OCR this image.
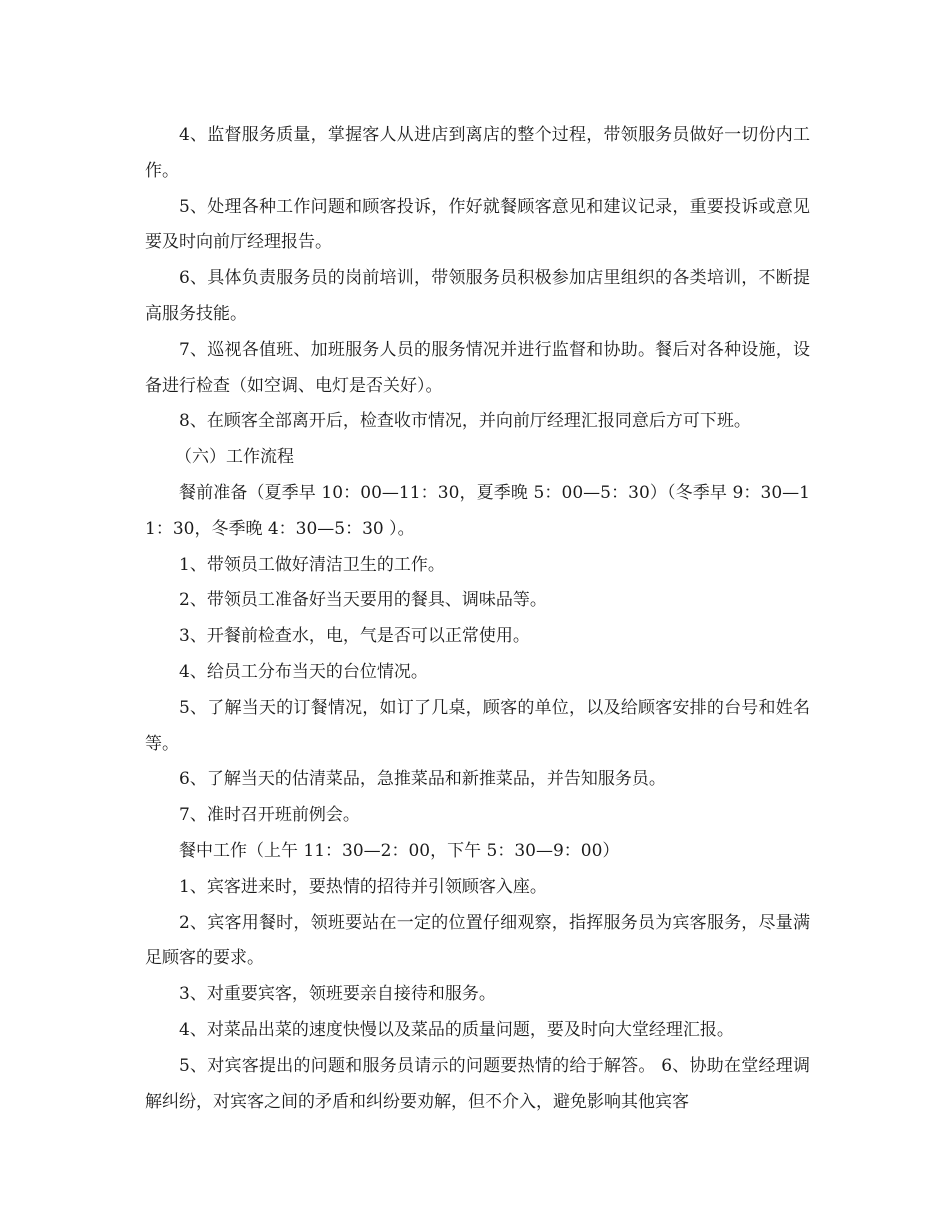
4、监督服务质量，掌握客人从进店到离店的整个过程，带领服务员做好一切份内工作。

5、处理各种工作问题和顾客投诉，作好就餐顾客意见和建议记录，重要投诉或意见要及时向前厅经理报告。

6、具体负责服务员的岗前培训，带领服务员积极参加店里组织的各类培训，不断提高服务技能。

7、巡视各值班、加班服务人员的服务情况并进行监督和协助。餐后对各种设施，设备进行检查（如空调、电灯是否关好）。

8、在顾客全部离开后，检查收市情况，并向前厅经理汇报同意后方可下班。

（六）工作流程

餐前准备（夏季早 10：00—11：30，夏季晚 5：00—5：30）（冬季早 9：30—11：30，冬季晚 4：30—5：30 ）。

1、带领员工做好清洁卫生的工作。

2、带领员工准备好当天要用的餐具、调味品等。

3、开餐前检查水，电，气是否可以正常使用。

4、给员工分布当天的台位情况。

5、了解当天的订餐情况，如订了几桌，顾客的单位，以及给顾客安排的台号和姓名等。

6、了解当天的估清菜品，急推菜品和新推菜品，并告知服务员。

7、准时召开班前例会。

餐中工作（上午 11：30—2：00，下午 5：30—9：00）

1、宾客进来时，要热情的招待并引领顾客入座。

2、宾客用餐时，领班要站在一定的位置仔细观察，指挥服务员为宾客服务，尽量满足顾客的要求。

3、对重要宾客，领班要亲自接待和服务。

4、对菜品出菜的速度快慢以及菜品的质量问题，要及时向大堂经理汇报。

5、对宾客提出的问题和服务员请示的问题要热情的给于解答。 6、协助在堂经理调解纠纷，对宾客之间的矛盾和纠纷要劝解，但不介入，避免影响其他宾客
